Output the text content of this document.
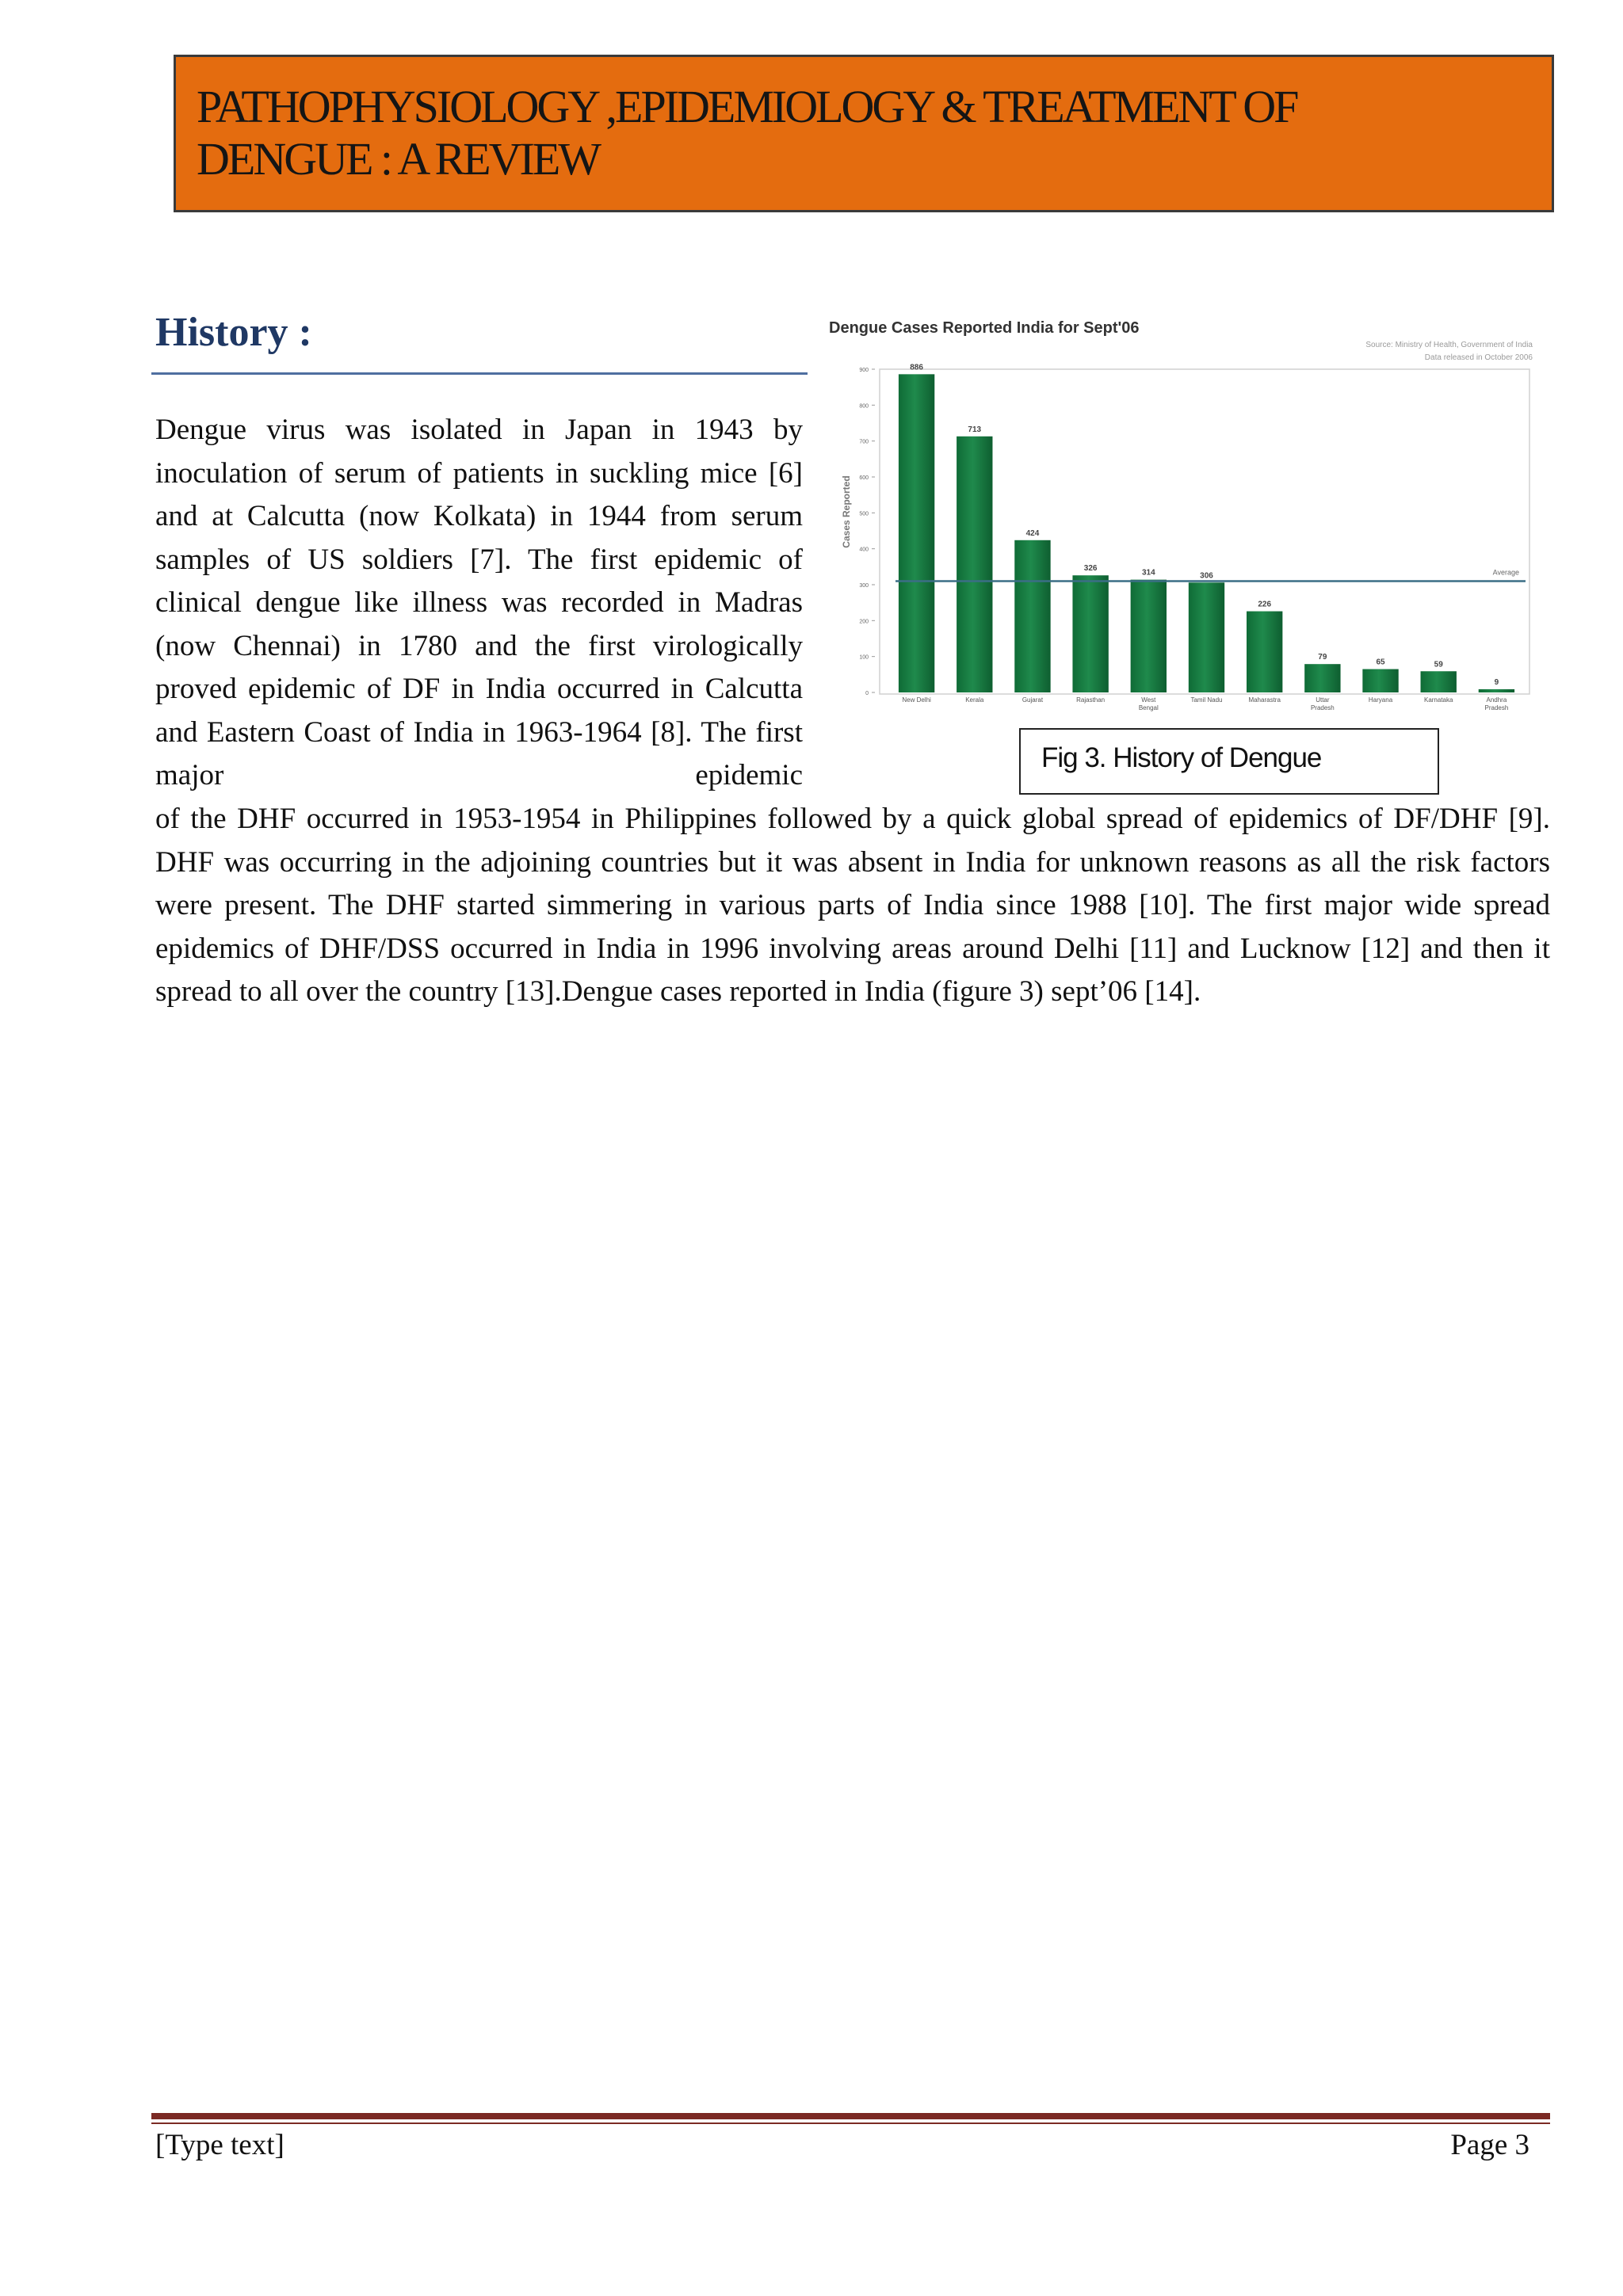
PATHOPHYSIOLOGY ,EPIDEMIOLOGY & TREATMENT OF
DENGUE : A REVIEW
History :
Dengue virus was isolated in Japan in 1943 by inoculation of serum of patients in suckling mice [6] and at Calcutta (now Kolkata) in 1944 from serum samples of US soldiers [7]. The first epidemic of clinical dengue like illness was recorded in Madras (now Chennai) in 1780 and the first virologically proved epidemic of DF in India occurred in Calcutta and Eastern Coast of India in 1963-1964 [8]. The first major epidemic
Dengue Cases Reported India for Sept'06
Source: Ministry of Health, Government of India
Data released in October 2006
0
100
200
300
400
500
600
700
800
900	886
713
424
326	314	306
226
79
65	59
9
Average
New Delhi	Kerala	Gujarat	Rajasthan	West
Bengal
Tamil Nadu	Maharastra	Uttar
Pradesh
Haryana	Karnataka	Andhra
Pradesh
Cases Reported
Fig 3. History of Dengue
of the DHF occurred in 1953-1954 in Philippines followed by a quick global spread of epidemics of DF/DHF [9]. DHF was occurring in the adjoining countries but it was absent in India for unknown reasons as all the risk factors were present. The DHF started simmering in various parts of India since 1988 [10]. The first major wide spread epidemics of DHF/DSS occurred in India in 1996 involving areas around Delhi [11] and Lucknow [12] and then it spread to all over the country [13].Dengue cases reported in India (figure 3) sept’06 [14].
[Type text]	Page 3
